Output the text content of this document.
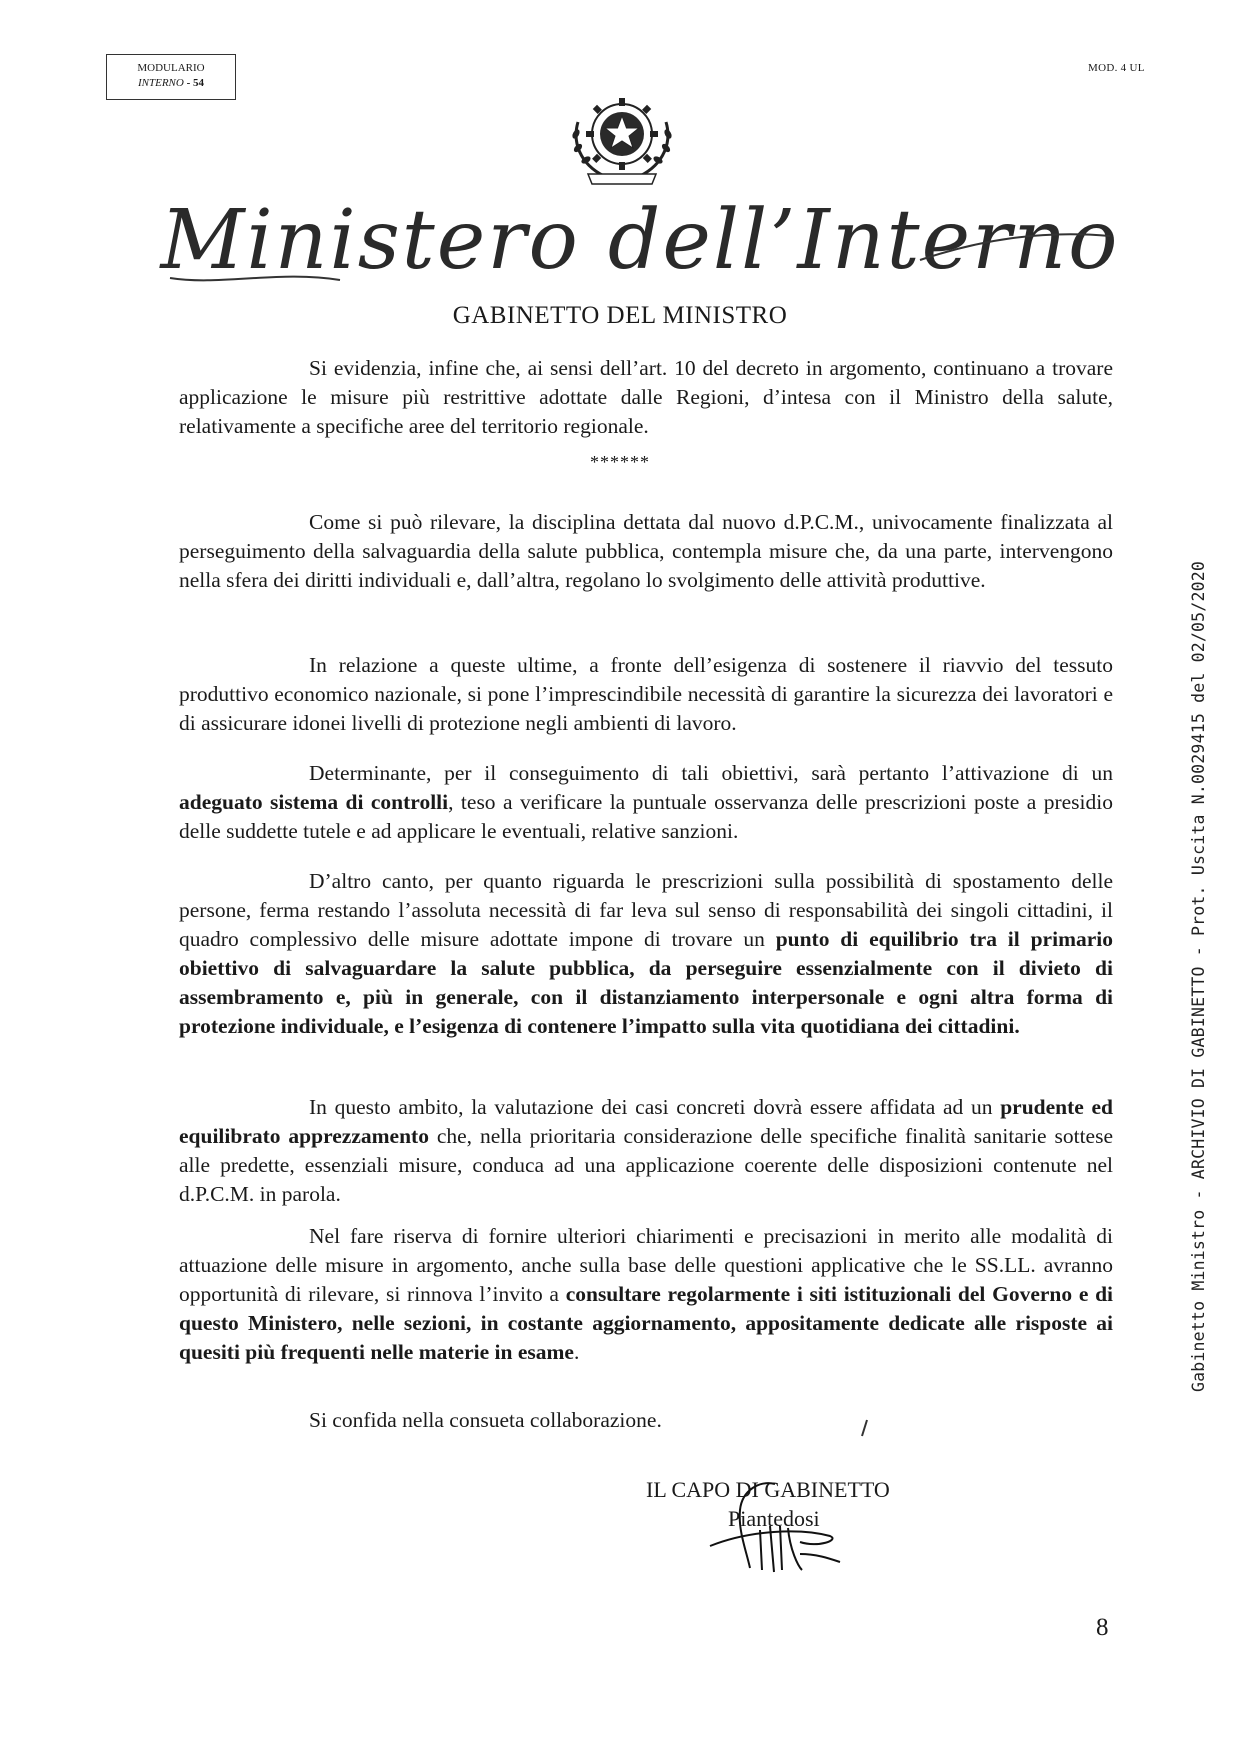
MODULARIO
INTERNO - 54
MOD. 4 UL
Ministero dell’Interno
GABINETTO DEL MINISTRO

Si evidenzia, infine che, ai sensi dell’art. 10 del decreto in argomento, continuano a trovare applicazione le misure più restrittive adottate dalle Regioni, d’intesa con il Ministro della salute, relativamente a specifiche aree del territorio regionale.

******

Come si può rilevare, la disciplina dettata dal nuovo d.P.C.M., univocamente finalizzata al perseguimento della salvaguardia della salute pubblica, contempla misure che, da una parte, intervengono nella sfera dei diritti individuali e, dall’altra, regolano lo svolgimento delle attività produttive.

In relazione a queste ultime, a fronte dell’esigenza di sostenere il riavvio del tessuto produttivo economico nazionale, si pone l’imprescindibile necessità di garantire la sicurezza dei lavoratori e di assicurare idonei livelli di protezione negli ambienti di lavoro.

Determinante, per il conseguimento di tali obiettivi, sarà pertanto l’attivazione di un adeguato sistema di controlli, teso a verificare la puntuale osservanza delle prescrizioni poste a presidio delle suddette tutele e ad applicare le eventuali, relative sanzioni.

D’altro canto, per quanto riguarda le prescrizioni sulla possibilità di spostamento delle persone, ferma restando l’assoluta necessità di far leva sul senso di responsabilità dei singoli cittadini, il quadro complessivo delle misure adottate impone di trovare un punto di equilibrio tra il primario obiettivo di salvaguardare la salute pubblica, da perseguire essenzialmente con il divieto di assembramento e, più in generale, con il distanziamento interpersonale e ogni altra forma di protezione individuale, e l’esigenza di contenere l’impatto sulla vita quotidiana dei cittadini.

In questo ambito, la valutazione dei casi concreti dovrà essere affidata ad un prudente ed equilibrato apprezzamento che, nella prioritaria considerazione delle specifiche finalità sanitarie sottese alle predette, essenziali misure, conduca ad una applicazione coerente delle disposizioni contenute nel d.P.C.M. in parola.

Nel fare riserva di fornire ulteriori chiarimenti e precisazioni in merito alle modalità di attuazione delle misure in argomento, anche sulla base delle questioni applicative che le SS.LL. avranno opportunità di rilevare, si rinnova l’invito a consultare regolarmente i siti istituzionali del Governo e di questo Ministero, nelle sezioni, in costante aggiornamento, appositamente dedicate alle risposte ai quesiti più frequenti nelle materie in esame.

Si confida nella consueta collaborazione.

IL CAPO DI GABINETTO
Piantedosi
8
Gabinetto Ministro - ARCHIVIO DI GABINETTO - Prot. Uscita N.0029415 del 02/05/2020
